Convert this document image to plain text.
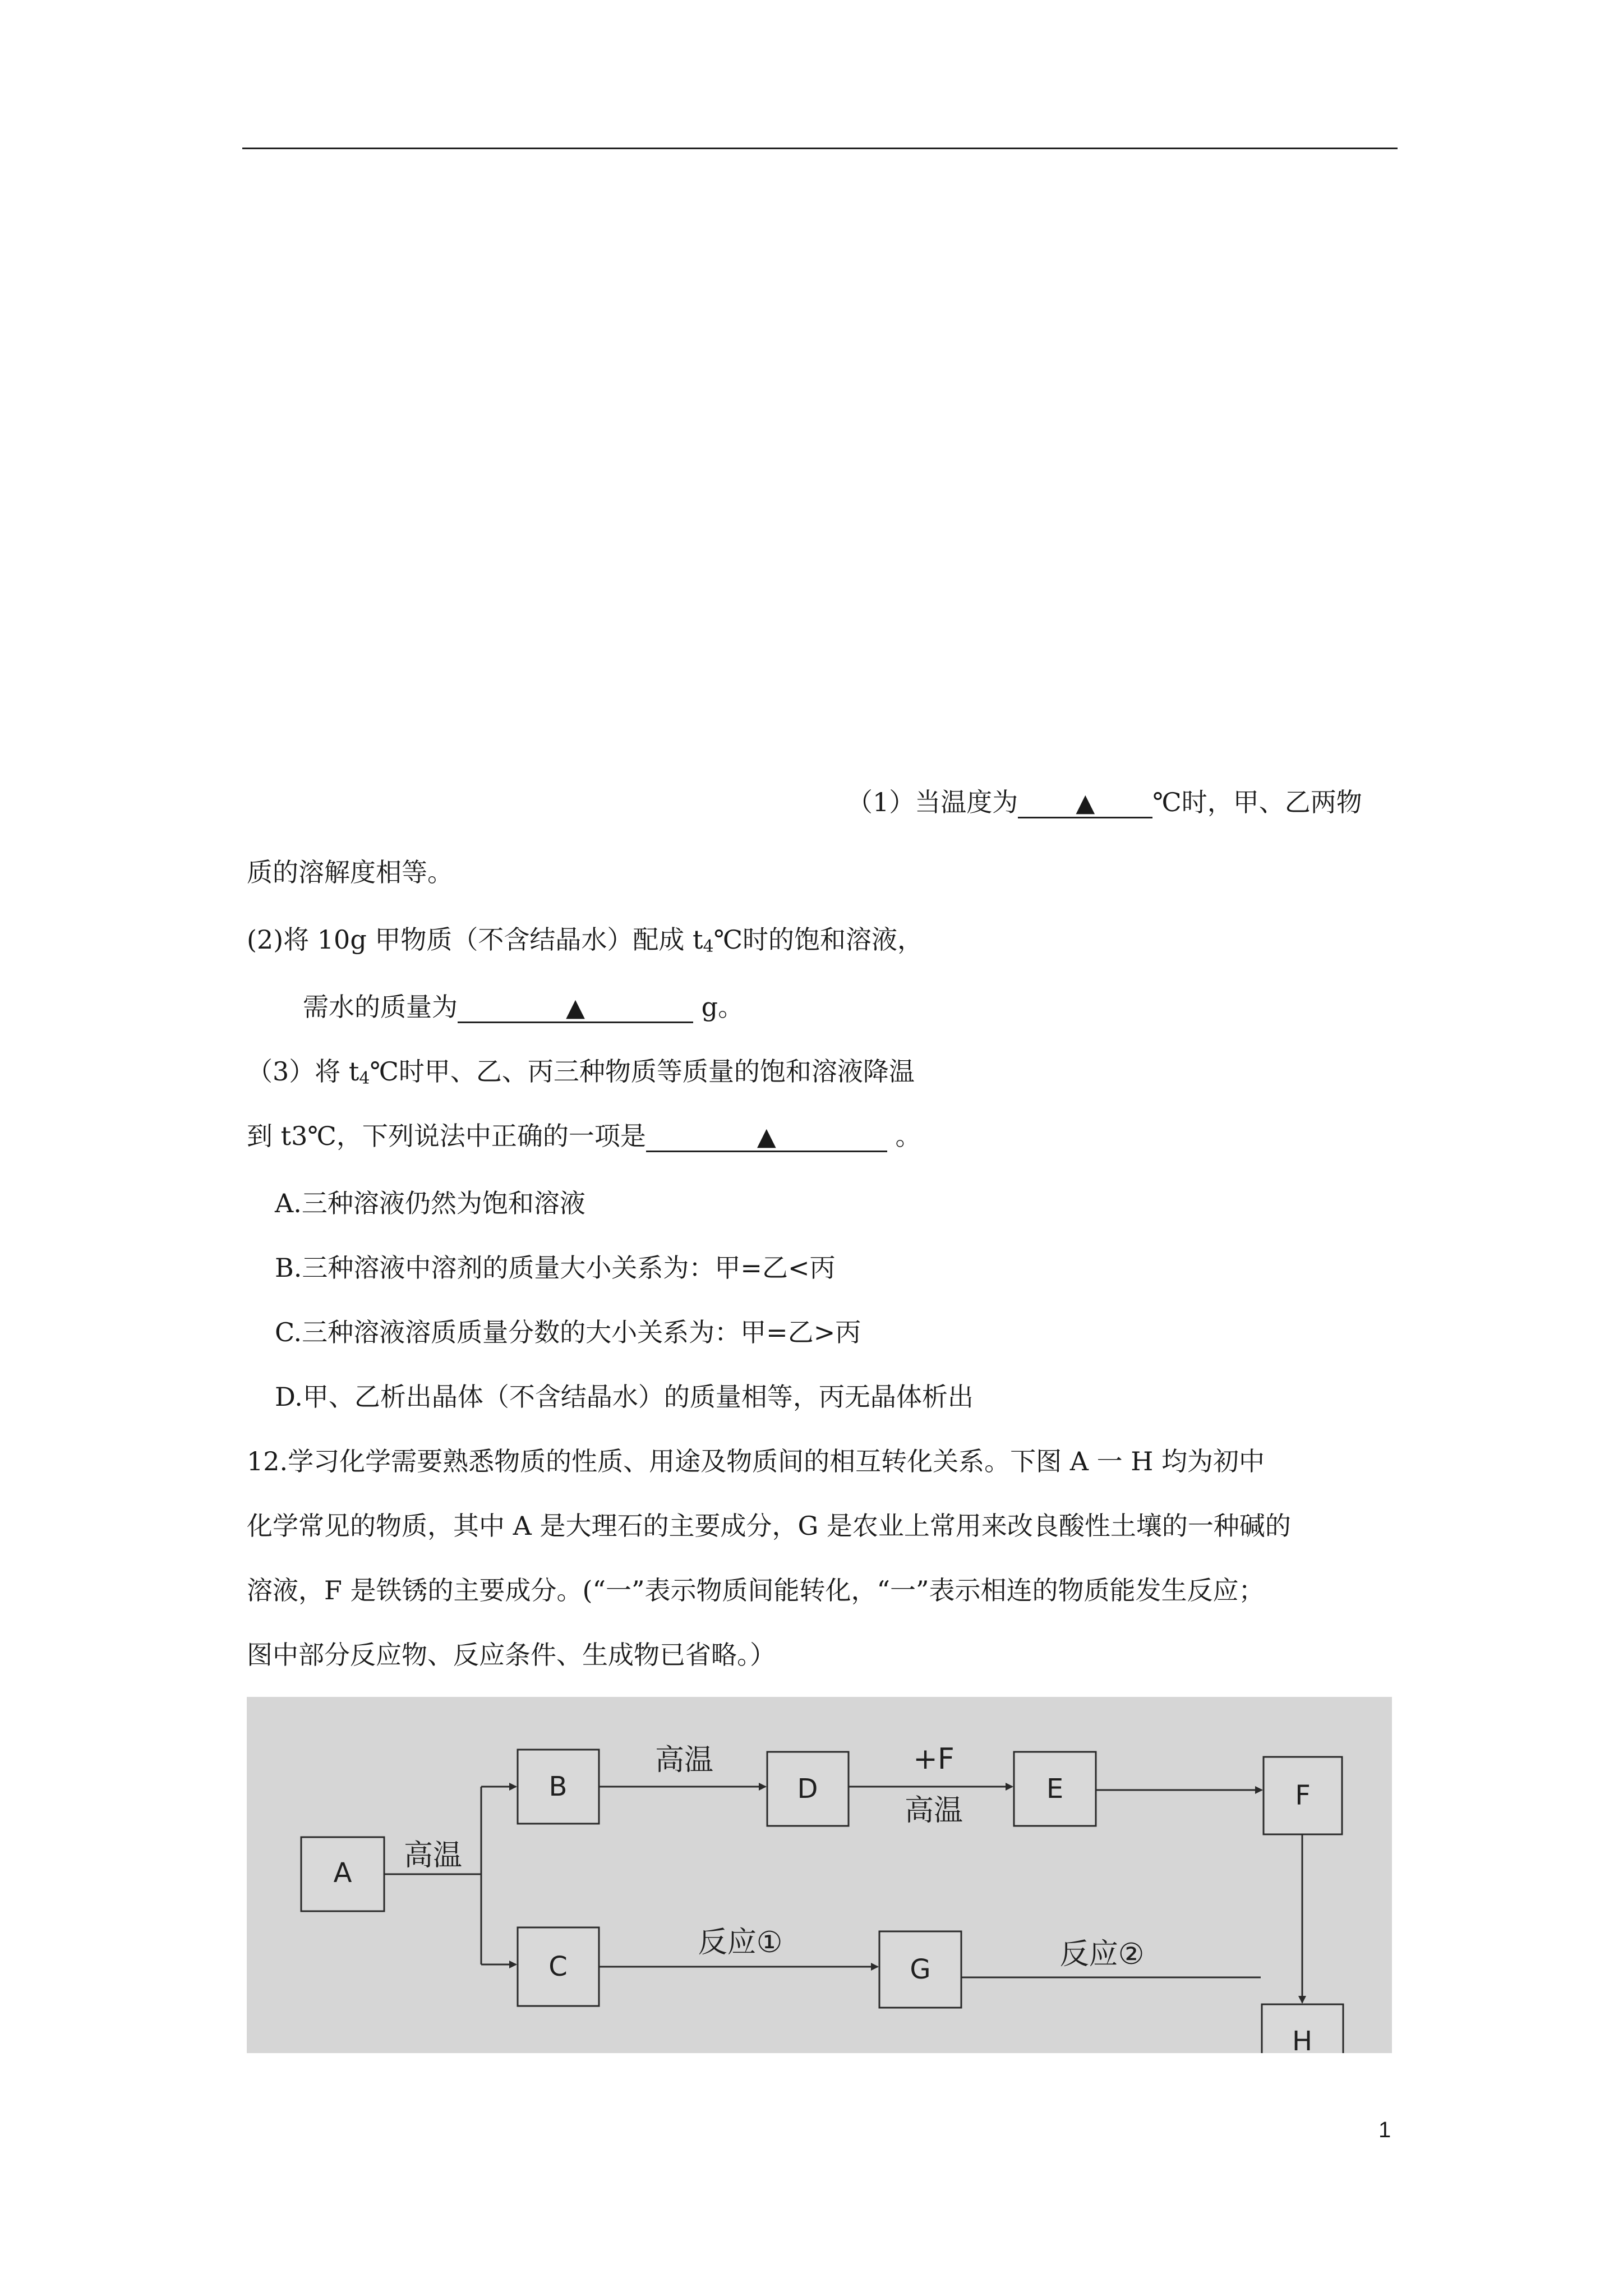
（1）当温度为 ▲ ℃时，甲、乙两物
质的溶解度相等。
(2)将 10g 甲物质（不含结晶水）配成 $t_4℃$时的饱和溶液，
需水的质量为	▲	g。
（3）将 $t_4℃$时甲、乙、丙三种物质等质量的饱和溶液降温
到 t3℃，下列说法中正确的一项是	▲	。
A.三种溶液仍然为饱和溶液
B.三种溶液中溶剂的质量大小关系为：甲=乙<丙
C.三种溶液溶质质量分数的大小关系为：甲=乙>丙
D.甲、乙析出晶体（不含结晶水）的质量相等，丙无晶体析出
12.学习化学需要熟悉物质的性质、用途及物质间的相互转化关系。下图 A 一 H 均为初中
化学常见的物质，其中 A 是大理石的主要成分，G 是农业上常用来改良酸性土壤的一种碱的
溶液，F 是铁锈的主要成分。(“一”表示物质间能转化，“一”表示相连的物质能发生反应；
图中部分反应物、反应条件、生成物已省略。）
A
B
C
D	E	F
G
H
高温
高温	+F
高温
反应①	反应②
1
